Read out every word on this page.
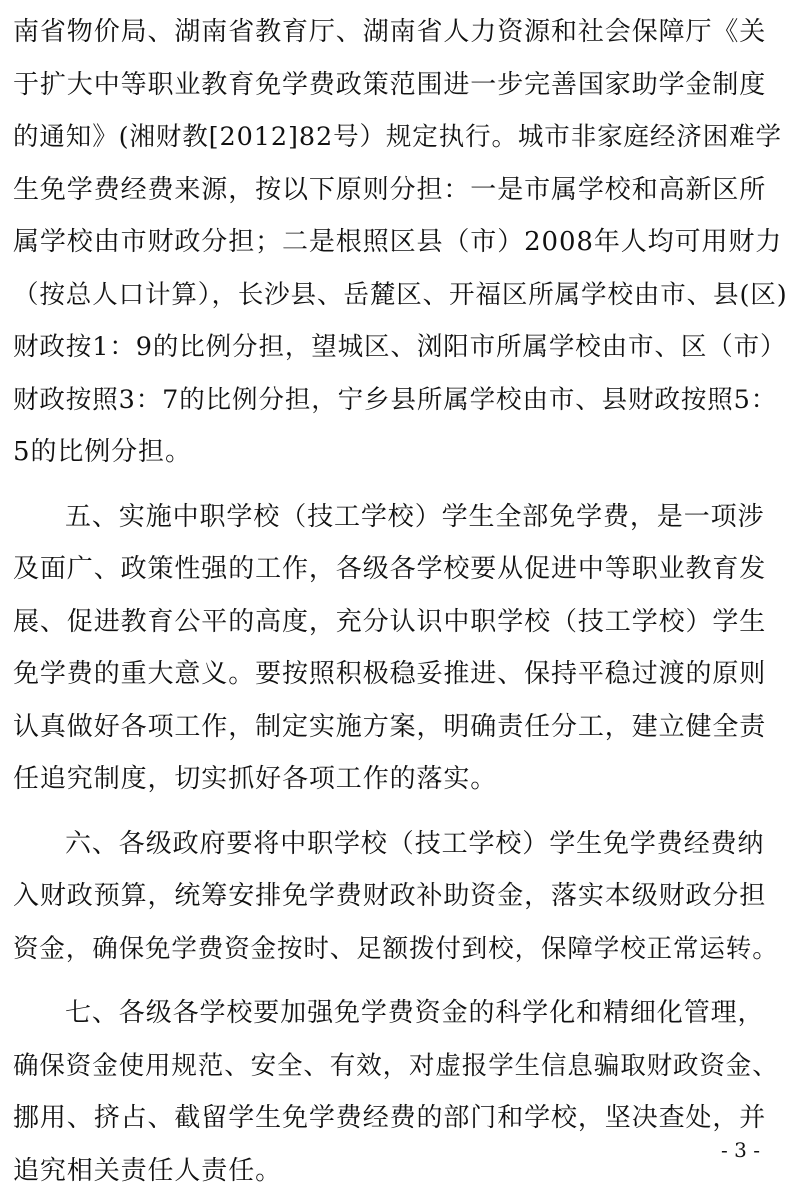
南省物价局、湖南省教育厅、湖南省人力资源和社会保障厅《关
于扩大中等职业教育免学费政策范围进一步完善国家助学金制度
的通知》(湘财教[2012]82号）规定执行。城市非家庭经济困难学
生免学费经费来源，按以下原则分担：一是市属学校和高新区所
属学校由市财政分担；二是根照区县（市）2008年人均可用财力
（按总人口计算），长沙县、岳麓区、开福区所属学校由市、县(区)
财政按1：9的比例分担，望城区、浏阳市所属学校由市、区（市）
财政按照3：7的比例分担，宁乡县所属学校由市、县财政按照5：
5的比例分担。
五、实施中职学校（技工学校）学生全部免学费，是一项涉
及面广、政策性强的工作，各级各学校要从促进中等职业教育发
展、促进教育公平的高度，充分认识中职学校（技工学校）学生
免学费的重大意义。要按照积极稳妥推进、保持平稳过渡的原则
认真做好各项工作，制定实施方案，明确责任分工，建立健全责
任追究制度，切实抓好各项工作的落实。
六、各级政府要将中职学校（技工学校）学生免学费经费纳
入财政预算，统筹安排免学费财政补助资金，落实本级财政分担
资金，确保免学费资金按时、足额拨付到校，保障学校正常运转。
七、各级各学校要加强免学费资金的科学化和精细化管理，
确保资金使用规范、安全、有效，对虚报学生信息骗取财政资金、
挪用、挤占、截留学生免学费经费的部门和学校，坚决查处，并
追究相关责任人责任。
- 3 -
